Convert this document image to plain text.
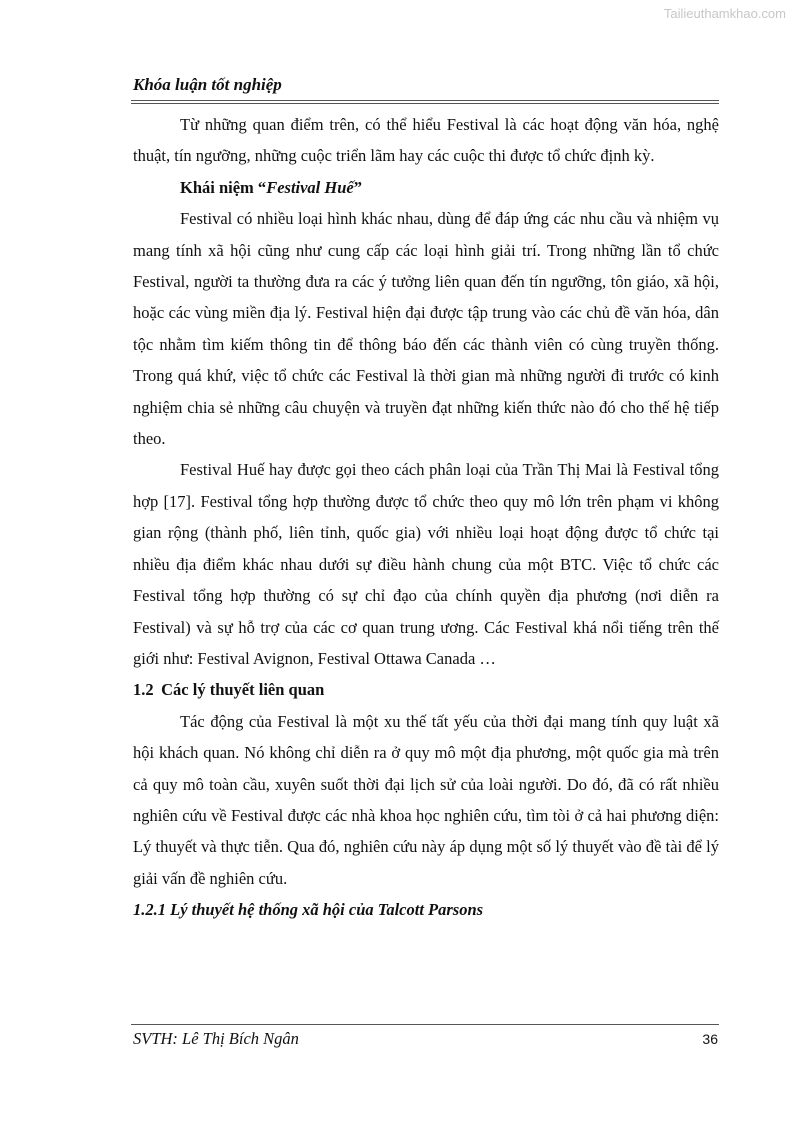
Tailieuthamkhao.com
Khóa luận tốt nghiệp

Từ những quan điểm trên, có thể hiểu Festival là các hoạt động văn hóa, nghệ thuật, tín ngưỡng, những cuộc triển lãm hay các cuộc thi được tổ chức định kỳ.

Khái niệm “Festival Huế”

Festival có nhiều loại hình khác nhau, dùng để đáp ứng các nhu cầu và nhiệm vụ mang tính xã hội cũng như cung cấp các loại hình giải trí. Trong những lần tổ chức Festival, người ta thường đưa ra các ý tưởng liên quan đến tín ngưỡng, tôn giáo, xã hội, hoặc các vùng miền địa lý. Festival hiện đại được tập trung vào các chủ đề văn hóa, dân tộc nhằm tìm kiếm thông tin để thông báo đến các thành viên có cùng truyền thống. Trong quá khứ, việc tổ chức các Festival là thời gian mà những người đi trước có kinh nghiệm chia sẻ những câu chuyện và truyền đạt những kiến thức nào đó cho thế hệ tiếp theo.

Festival Huế hay được gọi theo cách phân loại của Trần Thị Mai là Festival tổng hợp [17]. Festival tổng hợp thường được tổ chức theo quy mô lớn trên phạm vi không gian rộng (thành phố, liên tỉnh, quốc gia) với nhiều loại hoạt động được tổ chức tại nhiều địa điểm khác nhau dưới sự điều hành chung của một BTC. Việc tổ chức các Festival tổng hợp thường có sự chỉ đạo của chính quyền địa phương (nơi diễn ra Festival) và sự hỗ trợ của các cơ quan trung ương. Các Festival khá nổi tiếng trên thế giới như: Festival Avignon, Festival Ottawa Canada …

1.2 Các lý thuyết liên quan

Tác động của Festival là một xu thế tất yếu của thời đại mang tính quy luật xã hội khách quan. Nó không chỉ diễn ra ở quy mô một địa phương, một quốc gia mà trên cả quy mô toàn cầu, xuyên suốt thời đại lịch sử của loài người. Do đó, đã có rất nhiều nghiên cứu về Festival được các nhà khoa học nghiên cứu, tìm tòi ở cả hai phương diện: Lý thuyết và thực tiễn. Qua đó, nghiên cứu này áp dụng một số lý thuyết vào đề tài để lý giải vấn đề nghiên cứu.

1.2.1 Lý thuyết hệ thống xã hội của Talcott Parsons
SVTH: Lê Thị Bích Ngân	36
